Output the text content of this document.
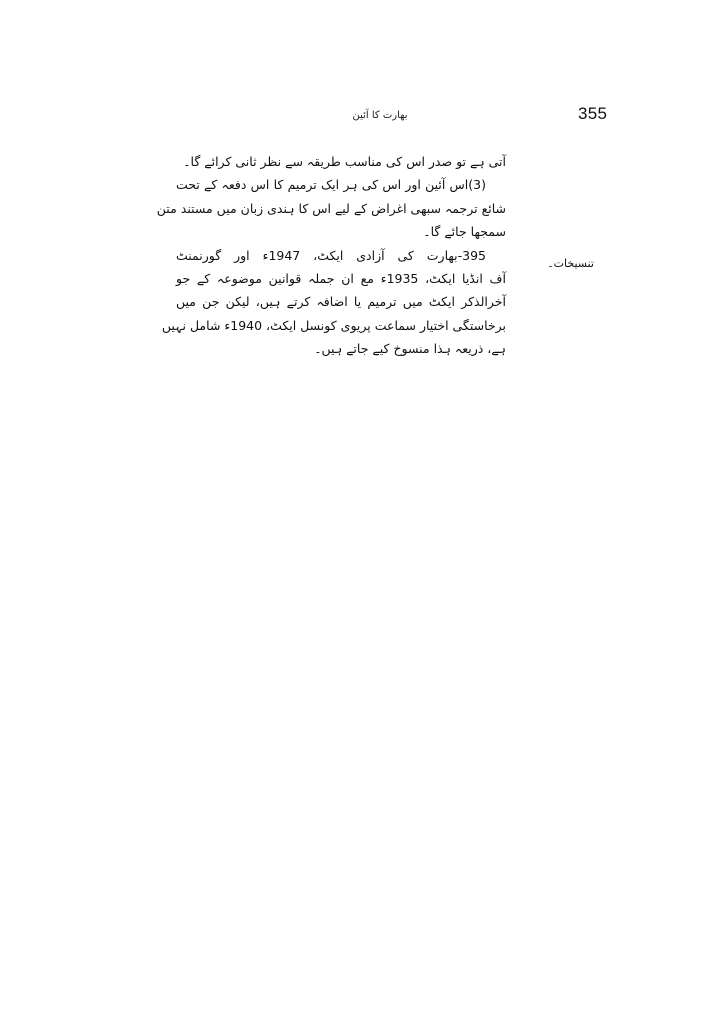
355
بھارت کا آئین
تنسیخات۔
آتی ہے تو صدر اس کی مناسب طریقہ سے نظر ثانی کرائے گا۔
(3)اس آئین اور اس کی ہر ایک ترمیم کا اس دفعہ کے تحت
شائع ترجمہ سبھی اغراض کے لیے اس کا ہندی زبان میں مستند متن
سمجھا جائے گا۔
395-بھارت کی آزادی ایکٹ، 1947ء اور گورنمنٹ
آف انڈیا ایکٹ، 1935ء مع ان جملہ قوانین موضوعہ کے جو
آخرالذکر ایکٹ میں ترمیم یا اضافہ کرتے ہیں، لیکن جن میں
برخاستگی اختیار سماعت پریوی کونسل ایکٹ، 1940ء شامل نہیں
ہے، ذریعہ ہذا منسوخ کیے جاتے ہیں۔
